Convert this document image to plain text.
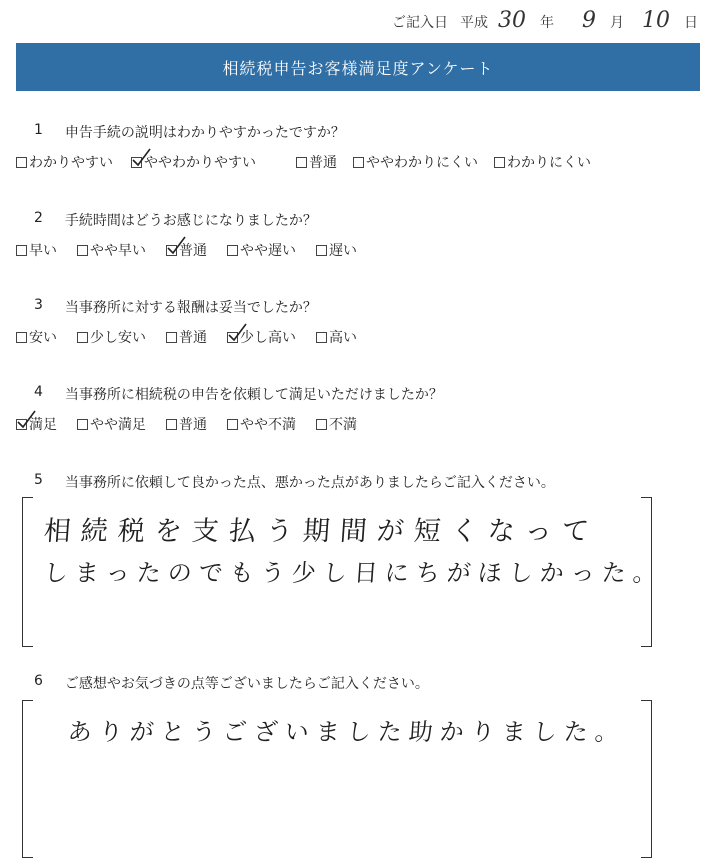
ご記入日 平成 30 年 9 月 10 日
相続税申告お客様満足度アンケート
1 申告手続の説明はわかりやすかったですか？
わかりやすい ややわかりやすい	普通 ややわかりにくい わかりにくい
2 手続時間はどうお感じになりましたか？
早い やや早い 普通 やや遅い 遅い
3 当事務所に対する報酬は妥当でしたか？
安い 少し安い 普通 少し高い 高い
4 当事務所に相続税の申告を依頼して満足いただけましたか？
満足 やや満足 普通 やや不満 不満
5 当事務所に依頼して良かった点、悪かった点がありましたらご記入ください。
相続税を支払う期間が短くなって
しまったのでもう少し日にちがほしかった。
6 ご感想やお気づきの点等ございましたらご記入ください。
ありがとうございました助かりました。
